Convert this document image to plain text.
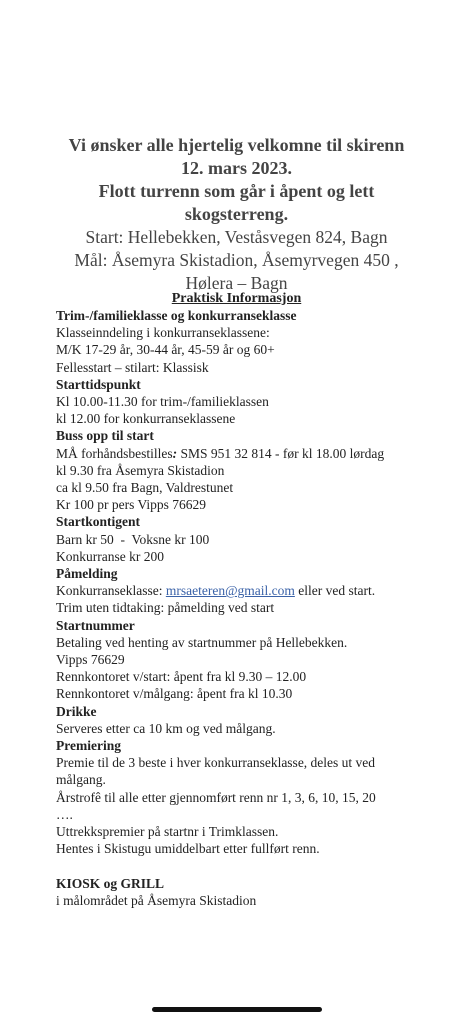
Vi ønsker alle hjertelig velkomne til skirenn
12. mars 2023.
Flott turrenn som går i åpent og lett
skogsterreng.
Start: Hellebekken, Veståsvegen 824, Bagn
Mål: Åsemyra Skistadion, Åsemyrvegen 450 ,
Hølera – Bagn
Praktisk Informasjon
Trim-/familieklasse og konkurranseklasse
Klasseinndeling i konkurranseklassene:
M/K 17-29 år, 30-44 år, 45-59 år og 60+
Fellesstart – stilart: Klassisk
Starttidspunkt
Kl 10.00-11.30 for trim-/familieklassen
kl 12.00 for konkurranseklassene
Buss opp til start
MÅ forhåndsbestilles: SMS 951 32 814 - før kl 18.00 lørdag
kl 9.30 fra Åsemyra Skistadion
ca kl 9.50 fra Bagn, Valdrestunet
Kr 100 pr pers Vipps 76629
Startkontigent
Barn kr 50  -  Voksne kr 100
Konkurranse kr 200
Påmelding
Konkurranseklasse: mrsaeteren@gmail.com eller ved start.
Trim uten tidtaking: påmelding ved start
Startnummer
Betaling ved henting av startnummer på Hellebekken.
Vipps 76629
Rennkontoret v/start: åpent fra kl 9.30 – 12.00
Rennkontoret v/målgang: åpent fra kl 10.30
Drikke
Serveres etter ca 10 km og ved målgang.
Premiering
Premie til de 3 beste i hver konkurranseklasse, deles ut ved
målgang.
Årstrofê til alle etter gjennomført renn nr 1, 3, 6, 10, 15, 20
….
Uttrekkspremier på startnr i Trimklassen.
Hentes i Skistugu umiddelbart etter fullført renn.
KIOSK og GRILL
i målområdet på Åsemyra Skistadion
